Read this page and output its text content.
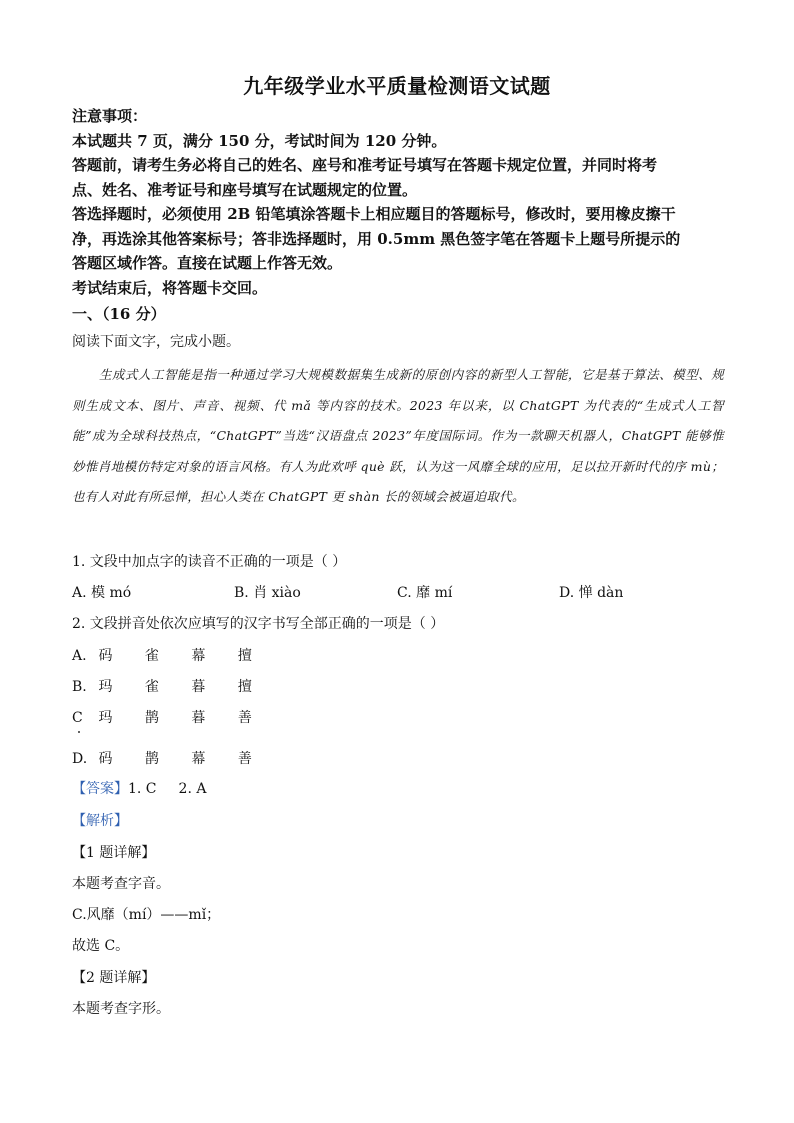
九年级学业水平质量检测语文试题

注意事项：

本试题共 7 页，满分 150 分，考试时间为 120 分钟。

答题前，请考生务必将自己的姓名、座号和准考证号填写在答题卡规定位置，并同时将考

点、姓名、准考证号和座号填写在试题规定的位置。

答选择题时，必须使用 2B 铅笔填涂答题卡上相应题目的答题标号，修改时，要用橡皮擦干

净，再选涂其他答案标号；答非选择题时，用 0.5mm 黑色签字笔在答题卡上题号所提示的

答题区域作答。直接在试题上作答无效。

考试结束后，将答题卡交回。

一、（16 分）
阅读下面文字，完成小题。
生成式人工智能是指一种通过学习大规模数据集生成新的原创内容的新型人工智能，它是基于算法、模型、规则生成文本、图片、声音、视频、代 mǎ 等内容的技术。2023 年以来，以 ChatGPT 为代表的“生成式人工智能”成为全球科技热点，“ChatGPT”当选“汉语盘点 2023”年度国际词。作为一款聊天机器人，ChatGPT 能够惟妙惟肖地模仿特定对象的语言风格。有人为此欢呼 què 跃，认为这一风靡全球的应用，足以拉开新时代的序 mù；也有人对此有所忌惮，担心人类在 ChatGPT 更 shàn 长的领域会被逼迫取代。
1. 文段中加点字的读音不正确的一项是（ ）
A. 模 mó	B. 肖 xiào	C. 靡 mí	D. 惮 dàn
2. 文段拼音处依次应填写的汉字书写全部正确的一项是（ ）
A. 码 雀 幕 擅
B. 玛 雀 暮 擅
C 玛 鹊 暮 善
D. 码 鹊 幕 善
【答案】1. C 2. A
【解析】
【1 题详解】
本题考查字音。
C.风靡（mí）——mǐ；
故选 C。
【2 题详解】
本题考查字形。
